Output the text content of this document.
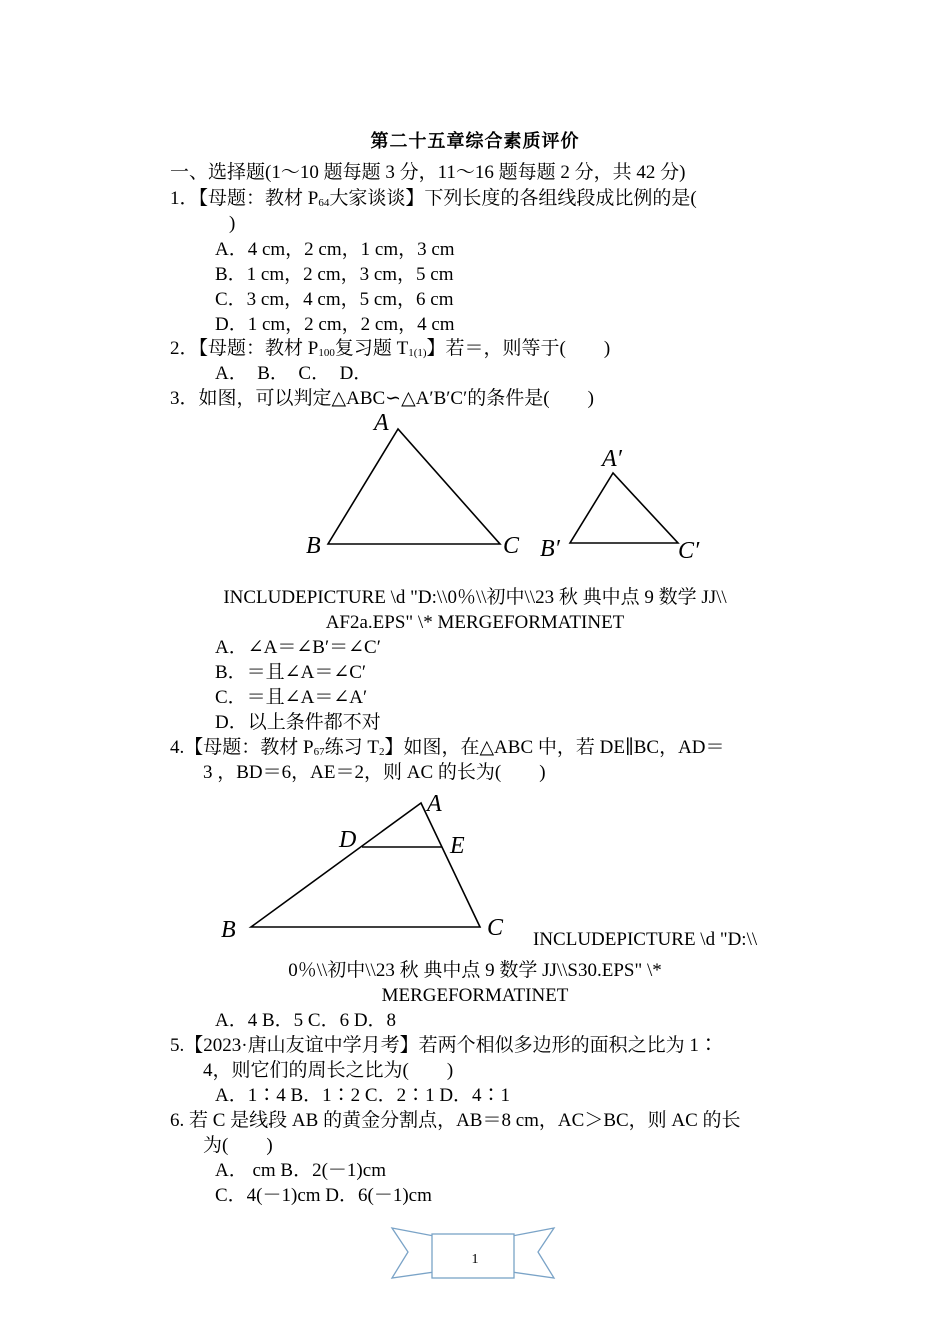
第二十五章综合素质评价
一、选择题(1～10 题每题 3 分，11～16 题每题 2 分，共 42 分)
1．【母题：教材 $P_{64}$大家谈谈】下列长度的各组线段成比例的是(
)
A．4 cm，2 cm，1 cm，3 cm
B．1 cm，2 cm，3 cm，5 cm
C．3 cm，4 cm，5 cm，6 cm
D．1 cm，2 cm，2 cm，4 cm
2．【母题：教材 $P_{100}$复习题 $T_{1(1)}$】若＝，则等于(　　)
A．　B．　C．　D．
3．如图，可以判定△ABC∽△A′B′C′的条件是(　　)
A
B	C
A′
B′	C′
INCLUDEPICTURE \d "D:\\0％\\初中\\23 秋 典中点 9 数学 JJ\\
AF2a.EPS" \* MERGEFORMATINET
A．∠A＝∠B′＝∠C′
B．＝且∠A＝∠C′
C．＝且∠A＝∠A′
D．以上条件都不对
4.【母题：教材 $P_{67}$练习 $T_2$】如图，在△ABC 中，若 DE∥BC，AD＝
3 ，BD＝6，AE＝2，则 AC 的长为(　　)
A
D	E
B	C INCLUDEPICTURE \d "D:\\
0％\\初中\\23 秋 典中点 9 数学 JJ\\S30.EPS" \*
MERGEFORMATINET
A．4 B．5 C．6 D．8
5.【2023·唐山友谊中学月考】若两个相似多边形的面积之比为 1∶
4，则它们的周长之比为(　　)
A．1∶4 B．1∶2 C．2∶1 D．4∶1
6. 若 C 是线段 AB 的黄金分割点，AB＝8 cm，AC＞BC，则 AC 的长
为(　　)
A． cm B．2(－1)cm
C．4(－1)cm D．6(－1)cm
1
